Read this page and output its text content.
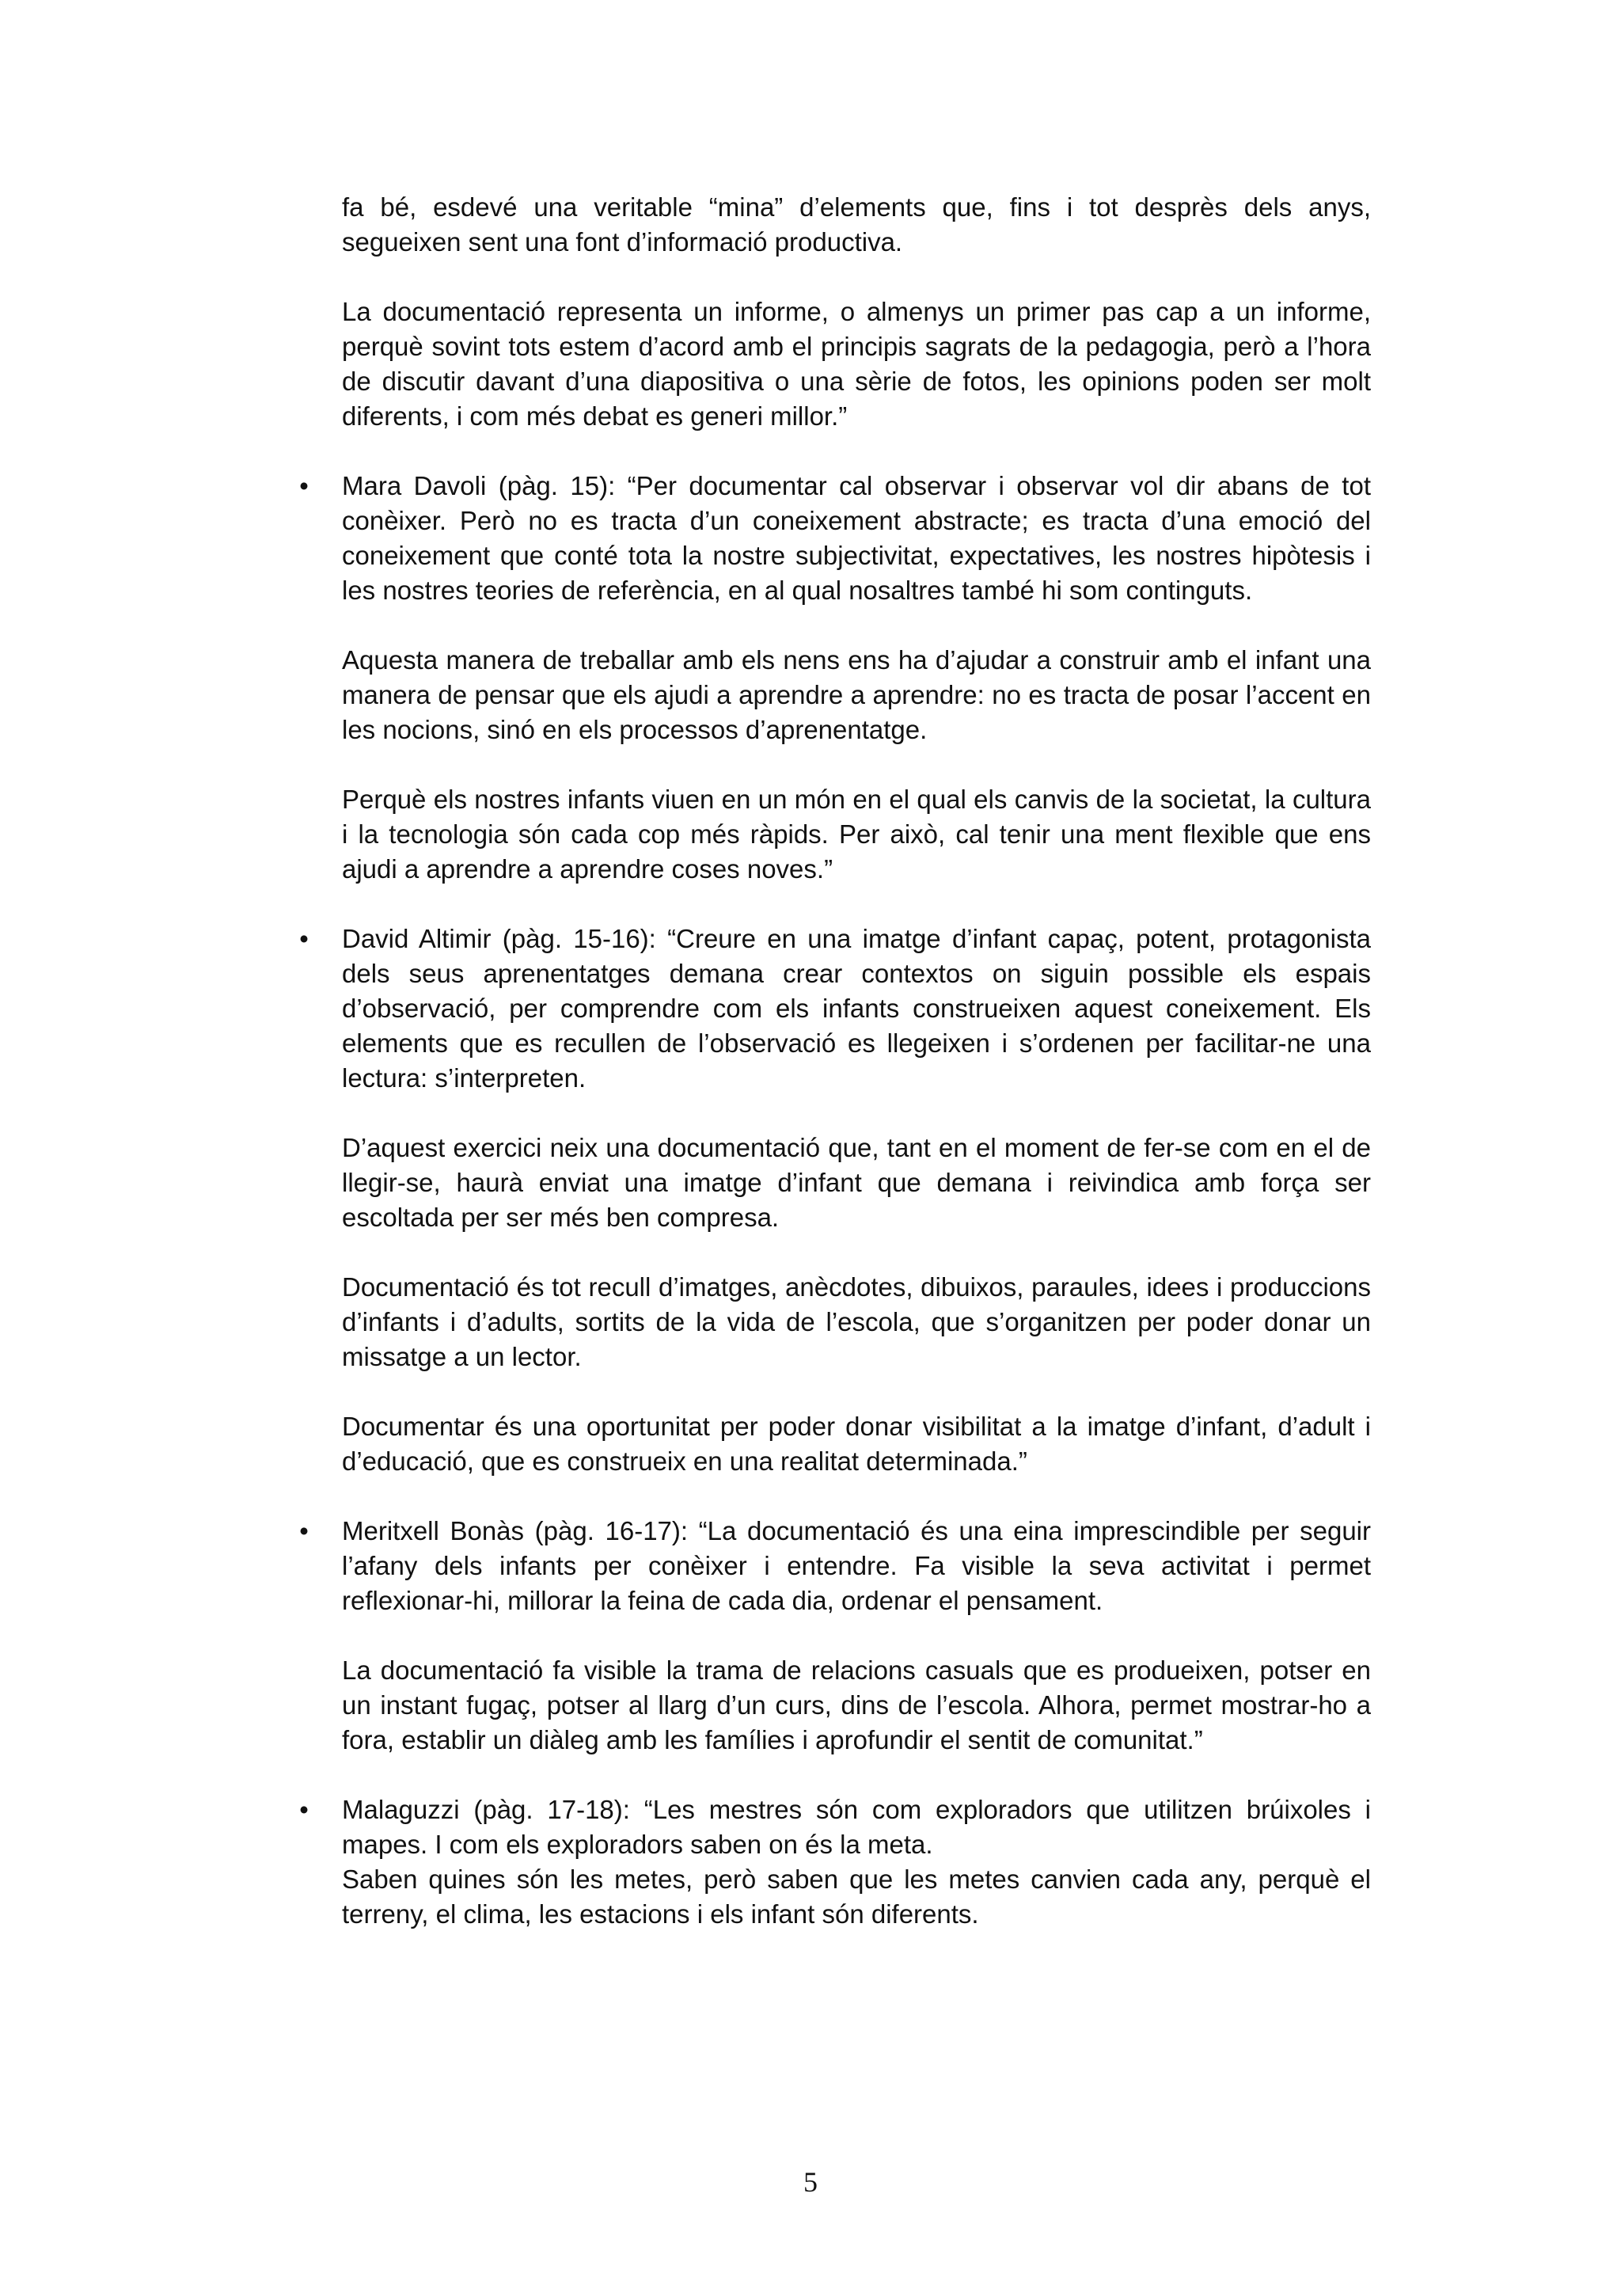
fa bé, esdevé una veritable “mina” d’elements que, fins i tot desprès dels anys, segueixen sent una font d’informació productiva.

La documentació representa un informe, o almenys un primer pas cap a un informe, perquè sovint tots estem d’acord amb el principis sagrats de la pedagogia, però a l’hora de discutir davant d’una diapositiva o una sèrie de fotos, les opinions poden ser molt diferents, i com més debat es generi millor.”

• Mara Davoli (pàg. 15): “Per documentar cal observar i observar vol dir abans de tot conèixer. Però no es tracta d’un coneixement abstracte; es tracta d’una emoció del coneixement que conté tota la nostre subjectivitat, expectatives, les nostres hipòtesis i les nostres teories de referència, en al qual nosaltres també hi som continguts.

Aquesta manera de treballar amb els nens ens ha d’ajudar a construir amb el infant una manera de pensar que els ajudi a aprendre a aprendre: no es tracta de posar l’accent en les nocions, sinó en els processos d’aprenentatge.

Perquè els nostres infants viuen en un món en el qual els canvis de la societat, la cultura i la tecnologia són cada cop més ràpids. Per això, cal tenir una ment flexible que ens ajudi a aprendre a aprendre coses noves.”

• David Altimir (pàg. 15-16): “Creure en una imatge d’infant capaç, potent, protagonista dels seus aprenentatges demana crear contextos on siguin possible els espais d’observació, per comprendre com els infants construeixen aquest coneixement. Els elements que es recullen de l’observació es llegeixen i s’ordenen per facilitar-ne una lectura: s’interpreten.

D’aquest exercici neix una documentació que, tant en el moment de fer-se com en el de llegir-se, haurà enviat una imatge d’infant que demana i reivindica amb força ser escoltada per ser més ben compresa.

Documentació és tot recull d’imatges, anècdotes, dibuixos, paraules, idees i produccions d’infants i d’adults, sortits de la vida de l’escola, que s’organitzen per poder donar un missatge a un lector.

Documentar és una oportunitat per poder donar visibilitat a la imatge d’infant, d’adult i d’educació, que es construeix en una realitat determinada.”

• Meritxell Bonàs (pàg. 16-17): “La documentació és una eina imprescindible per seguir l’afany dels infants per conèixer i entendre. Fa visible la seva activitat i permet reflexionar-hi, millorar la feina de cada dia, ordenar el pensament.

La documentació fa visible la trama de relacions casuals que es produeixen, potser en un instant fugaç, potser al llarg d’un curs, dins de l’escola. Alhora, permet mostrar-ho a fora, establir un diàleg amb les famílies i aprofundir el sentit de comunitat.”

• Malaguzzi (pàg. 17-18): “Les mestres són com exploradors que utilitzen brúixoles i mapes. I com els exploradors saben on és la meta.

Saben quines són les metes, però saben que les metes canvien cada any, perquè el terreny, el clima, les estacions i els infant són diferents.

5
